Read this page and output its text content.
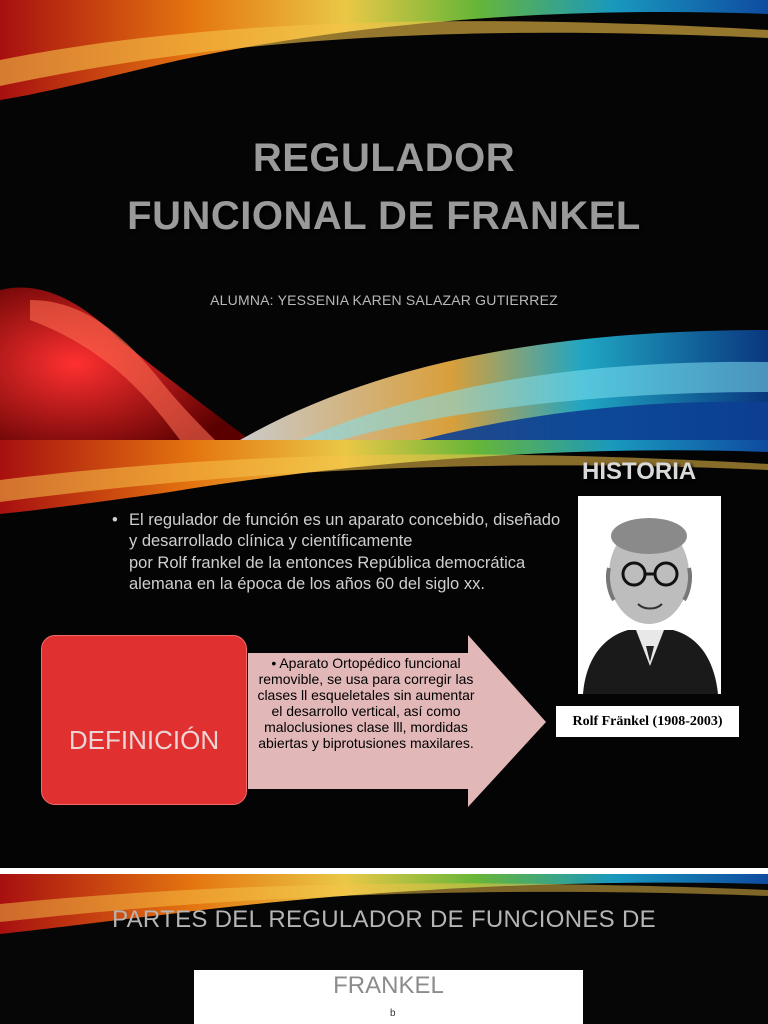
REGULADOR
FUNCIONAL DE FRANKEL
ALUMNA: YESSENIA KAREN SALAZAR GUTIERREZ
HISTORIA
• El regulador de función es un aparato concebido, diseñado y desarrollado clínica y científicamente
por Rolf frankel de la entonces República democrática alemana en la época de los años 60 del siglo xx.
Rolf Fränkel (1908-2003)
DEFINICIÓN
• Aparato Ortopédico funcional removible, se usa para corregir las clases ll esqueletales sin aumentar el desarrollo vertical, así como maloclusiones clase lll, mordidas abiertas y biprotusiones maxilares.
PARTES DEL REGULADOR DE FUNCIONES DE
FRANKEL
b
